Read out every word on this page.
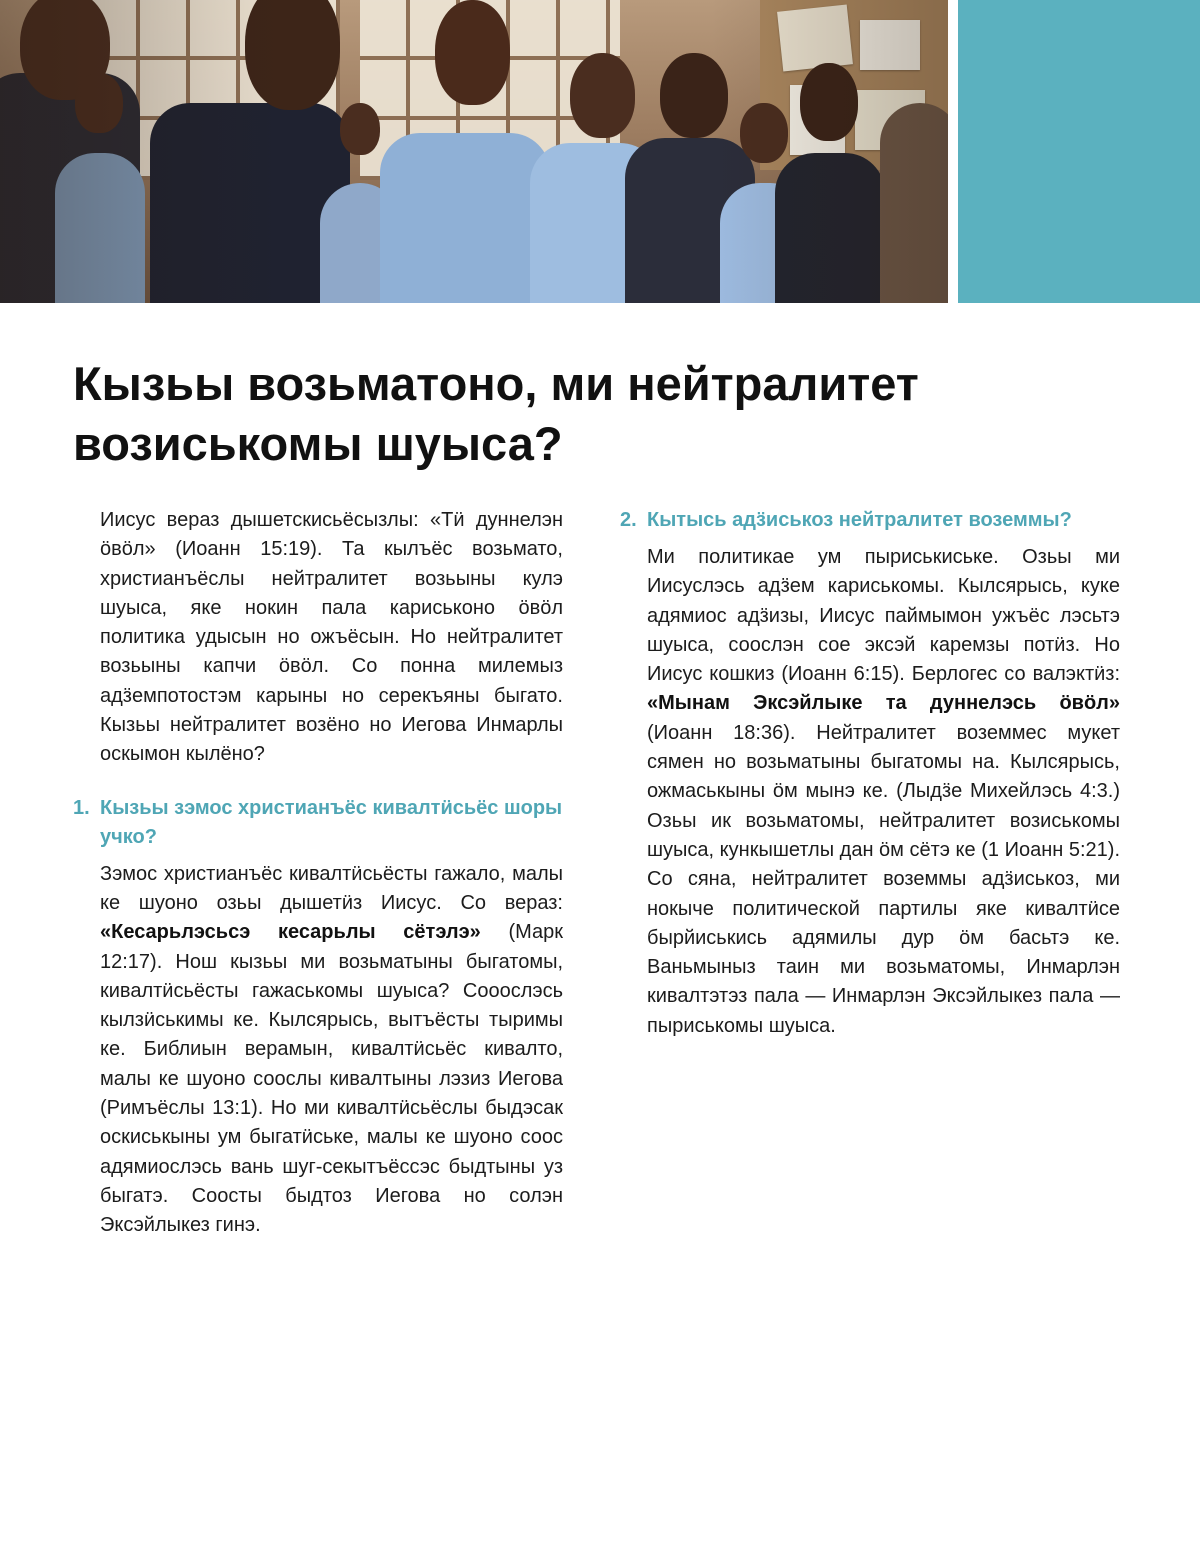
Кызьы возьматоно, ми нейтралитет возиськомы шуыса?

Иисус вераз дышетскисьёсызлы: «Тӥ дуннелэн ӧвӧл» (Иоанн 15:19). Та кылъёс возьмато, христианъёслы нейтралитет возьыны кулэ шуыса, яке нокин пала кариськоно ӧвӧл политика удысын но ожъёсын. Но нейтралитет возьыны капчи ӧвӧл. Со понна милемыз адӟемпотостэм карыны но серекъяны быгато. Кызьы нейтралитет возёно но Иегова Инмарлы оскымон кылёно?

1. Кызьы зэмос христианъёс кивалтӥсьёс шоры учко?

Зэмос христианъёс кивалтӥсьёсты гажало, малы ке шуоно озьы дышетӥз Иисус. Со вераз: «Кесарьлэсьсэ кесарьлы сётэлэ» (Марк 12:17). Нош кызьы ми возьматыны быгатомы, кивалтӥсьёсты гажаськомы шуыса? Сооослэсь кылзӥськимы ке. Кылсярысь, вытъёсты тыримы ке. Библиын верамын, кивалтӥсьёс кивалто, малы ке шуоно соослы кивалтыны лэзиз Иегова (Римъёслы 13:1). Но ми кивалтӥсьёслы быдэсак оскиськыны ум быгатӥське, малы ке шуоно соос адямиослэсь вань шуг-секытъёссэс быдтыны уз быгатэ. Соосты быдтоз Иегова но солэн Эксэйлыкез гинэ.

2. Кытысь адӟиськоз нейтралитет воземмы?

Ми политикае ум пыриськиське. Озьы ми Иисуслэсь адӟем кариськомы. Кылсярысь, куке адямиос адӟизы, Иисус паймымон ужъёс лэсьтэ шуыса, сооcлэн сое эксэй каремзы потӥз. Но Иисус кошкиз (Иоанн 6:15). Берлогес со валэктӥз: «Мынам Эксэйлыке та дуннелэсь ӧвӧл» (Иоанн 18:36). Нейтралитет воземмес мукет сямен но возьматыны быгатомы на. Кылсярысь, ожмаськыны ӧм мынэ ке. (Лыдӟе Михейлэсь 4:3.) Озьы ик возьматомы, нейтралитет возиськомы шуыса, кункышетлы дан ӧм сётэ ке (1 Иоанн 5:21). Со сяна, нейтралитет воземмы адӟиськоз, ми нокыче политической партилы яке кивалтӥсе бырйиськись адямилы дур ӧм басьтэ ке. Ваньмыныз таин ми возьматомы, Инмарлэн кивалтэтэз пала — Инмарлэн Эксэйлыкез пала — пыриськомы шуыса.
